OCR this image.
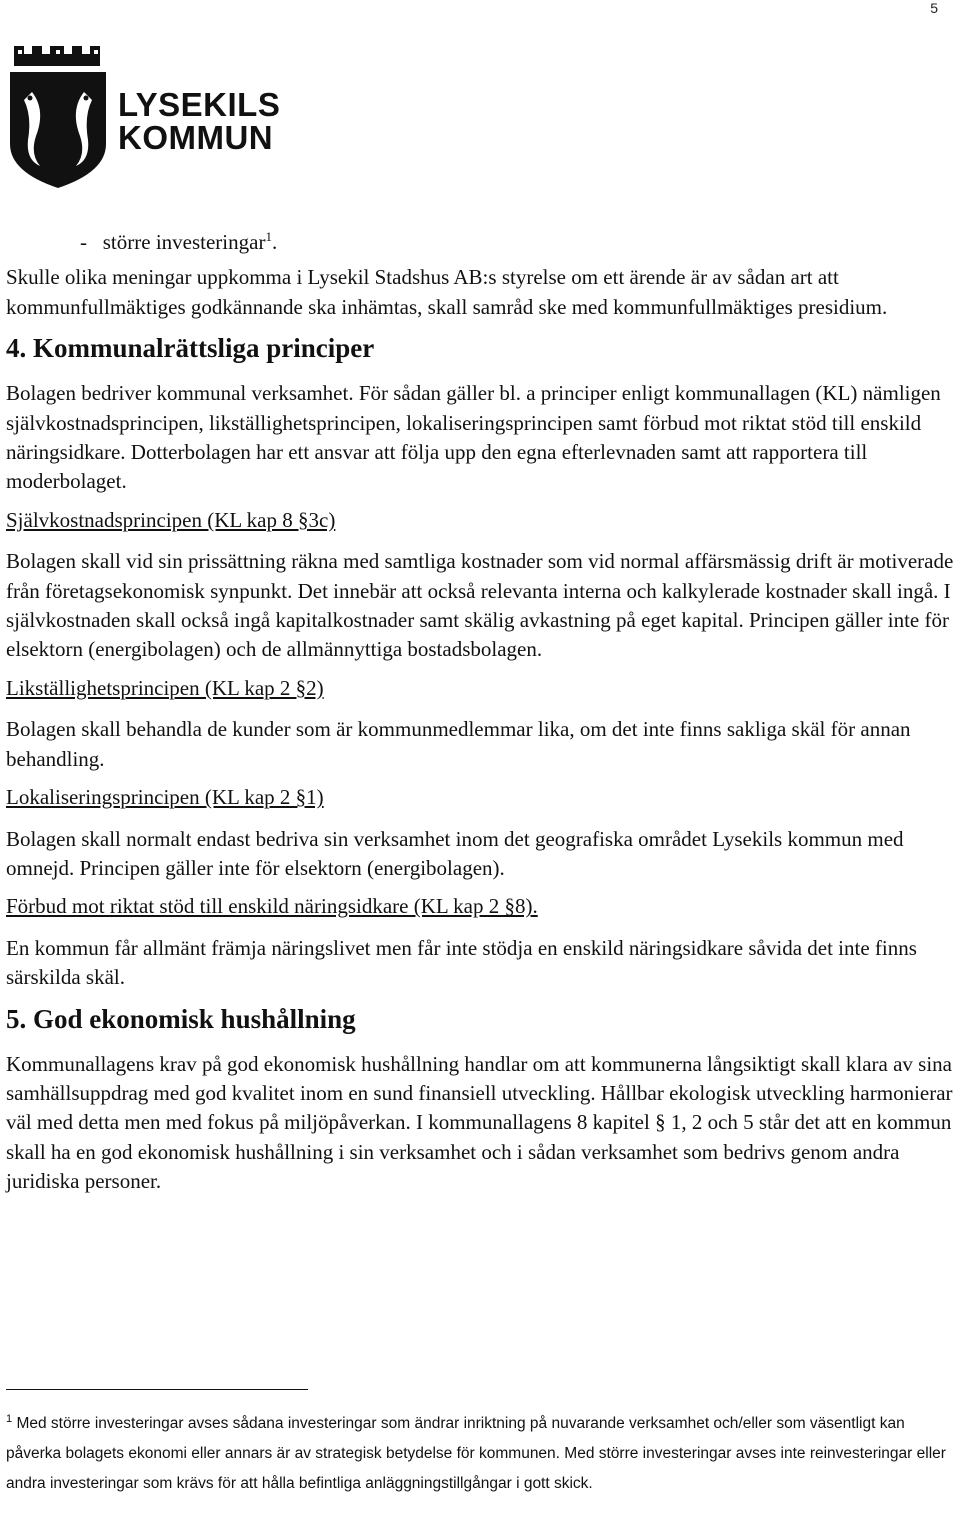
5
LYSEKILS
KOMMUN

- större investeringar$^1$.

Skulle olika meningar uppkomma i Lysekil Stadshus AB:s styrelse om ett ärende är av sådan art att kommunfullmäktiges godkännande ska inhämtas, skall samråd ske med kommunfullmäktiges presidium.

4. Kommunalrättsliga principer

Bolagen bedriver kommunal verksamhet. För sådan gäller bl. a principer enligt kommunallagen (KL) nämligen självkostnadsprincipen, likställighetsprincipen, lokaliseringsprincipen samt förbud mot riktat stöd till enskild näringsidkare. Dotterbolagen har ett ansvar att följa upp den egna efterlevnaden samt att rapportera till moderbolaget.

Självkostnadsprincipen (KL kap 8 §3c)

Bolagen skall vid sin prissättning räkna med samtliga kostnader som vid normal affärsmässig drift är motiverade från företagsekonomisk synpunkt. Det innebär att också relevanta interna och kalkylerade kostnader skall ingå. I självkostnaden skall också ingå kapitalkostnader samt skälig avkastning på eget kapital. Principen gäller inte för elsektorn (energibolagen) och de allmännyttiga bostadsbolagen.

Likställighetsprincipen (KL kap 2 §2)

Bolagen skall behandla de kunder som är kommunmedlemmar lika, om det inte finns sakliga skäl för annan behandling.

Lokaliseringsprincipen (KL kap 2 §1)

Bolagen skall normalt endast bedriva sin verksamhet inom det geografiska området Lysekils kommun med omnejd. Principen gäller inte för elsektorn (energibolagen).

Förbud mot riktat stöd till enskild näringsidkare (KL kap 2 §8).

En kommun får allmänt främja näringslivet men får inte stödja en enskild näringsidkare såvida det inte finns särskilda skäl.

5. God ekonomisk hushållning

Kommunallagens krav på god ekonomisk hushållning handlar om att kommunerna långsiktigt skall klara av sina samhällsuppdrag med god kvalitet inom en sund finansiell utveckling. Hållbar ekologisk utveckling harmonierar väl med detta men med fokus på miljöpåverkan. I kommunallagens 8 kapitel § 1, 2 och 5 står det att en kommun skall ha en god ekonomisk hushållning i sin verksamhet och i sådan verksamhet som bedrivs genom andra juridiska personer.

$^1$ Med större investeringar avses sådana investeringar som ändrar inriktning på nuvarande verksamhet och/eller som väsentligt kan påverka bolagets ekonomi eller annars är av strategisk betydelse för kommunen. Med större investeringar avses inte reinvesteringar eller andra investeringar som krävs för att hålla befintliga anläggningstillgångar i gott skick.
